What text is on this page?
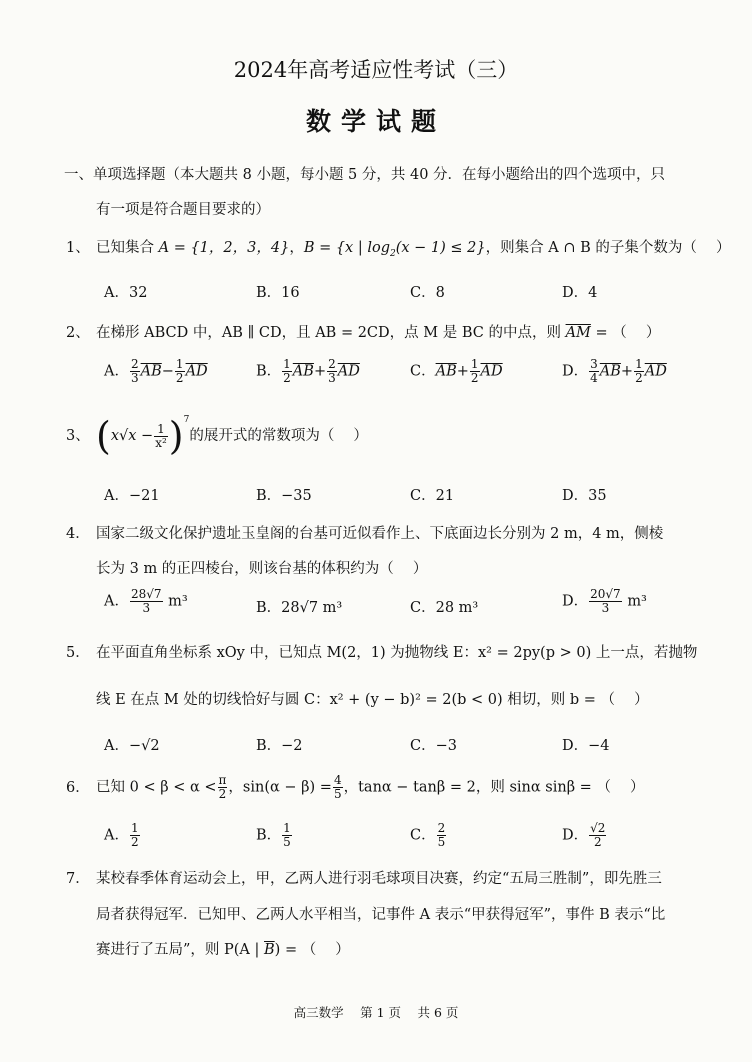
2024年高考适应性考试（三）
数学试题
一、单项选择题（本大题共 8 小题，每小题 5 分，共 40 分．在每小题给出的四个选项中，只
有一项是符合题目要求的）
1、 已知集合 A = {1，2，3，4}，B = {x | $\log_2(x - 1) \le 2$}，则集合 A ∩ B 的子集个数为（　 ）
A．32	B．16	C．8	D．4
2、 在梯形 ABCD 中，AB ∥ CD，且 AB = 2CD，点 M 是 BC 的中点，则 $\overline{AM}$ = （　 ）
A． $\frac{2}{3} \overline{AB}- \frac{1}{2} \overline{AD}$	B． $\frac{1}{2} \overline{AB}+ \frac{2}{3} \overline{AD}$	C．$\overline{AB}+ \frac{1}{2} \overline{AD}$	D． $\frac{3}{4} \overline{AB}+ \frac{1}{2} \overline{AD}$
3、 $(x√x - \frac{1}{\text{x²}} )^7$的展开式的常数项为（　 ）
A．−21	B．−35	C．21	D．35
4． 国家二级文化保护遗址玉皇阁的台基可近似看作上、下底面边长分别为 2 m，4 m，侧棱
长为 3 m 的正四棱台，则该台基的体积约为（　 ）
A． $\frac{28√7}{3} m^3$	B．28√7 m³	C．28 m³	D． $\frac{20√7}{3} m^3$
5． 在平面直角坐标系 xOy 中，已知点 M(2，1) 为抛物线 E：x² = 2py(p > 0) 上一点，若抛物
线 E 在点 M 处的切线恰好与圆 C：x² + (y − b)² = 2(b < 0) 相切，则 b = （　 ）
A．−√2	B．−2	C．−3	D．−4
6． 已知 $0 < \beta < \alpha < \frac{\pi}{2}$ ，$\sin(\alpha - \beta) = \frac{4}{5}$ ，tanα − tanβ = 2，则 sinα sinβ = （　 ）
A． $\frac{1}{2}$	B． $\frac{1}{5}$	C． $\frac{2}{5}$	D． $\frac{√2}{2}$
7． 某校春季体育运动会上，甲，乙两人进行羽毛球项目决赛，约定“五局三胜制”，即先胜三
局者获得冠军．已知甲、乙两人水平相当，记事件 A 表示“甲获得冠军”，事件 B 表示“比
赛进行了五局”，则 P(A | $\overline{B}$) = （　 ）
高三数学　 第 1 页　 共 6 页
